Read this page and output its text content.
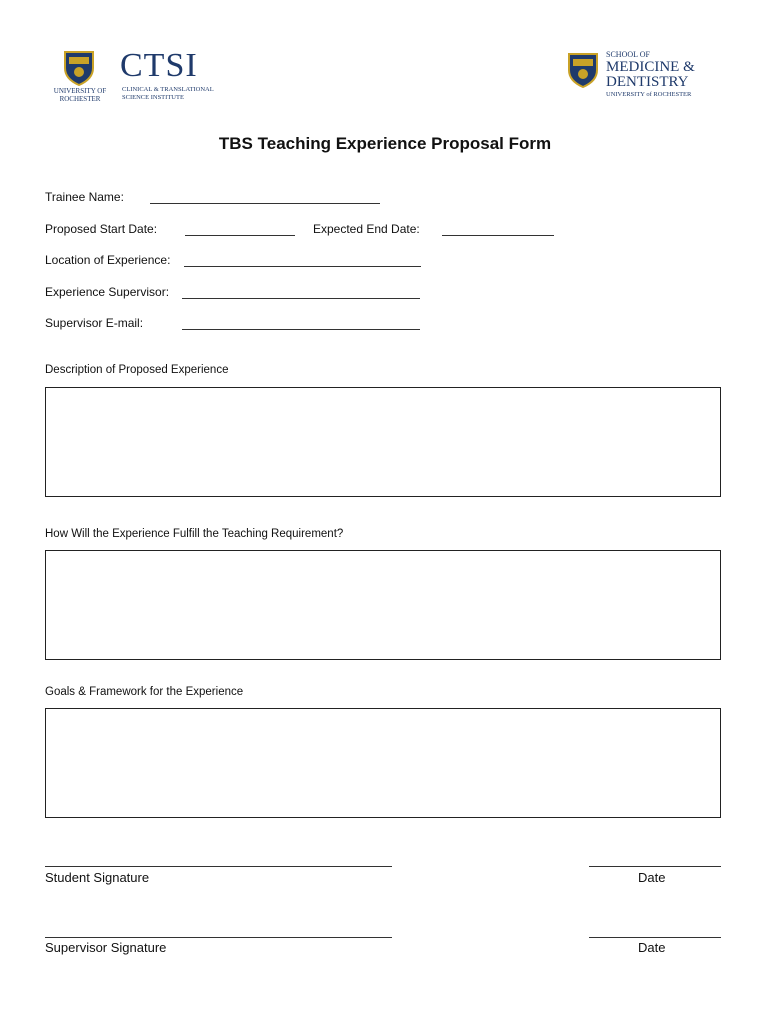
UNIVERSITY OF ROCHESTER
CTSI
CLINICAL & TRANSLATIONAL
SCIENCE INSTITUTE
SCHOOL OF
MEDICINE &
DENTISTRY
UNIVERSITY of ROCHESTER
TBS Teaching Experience Proposal Form
Trainee Name:
Proposed Start Date:	Expected End Date:
Location of Experience:
Experience Supervisor:
Supervisor E-mail:
Description of Proposed Experience
How Will the Experience Fulfill the Teaching Requirement?
Goals & Framework for the Experience
Student Signature	Date
Supervisor Signature	Date
